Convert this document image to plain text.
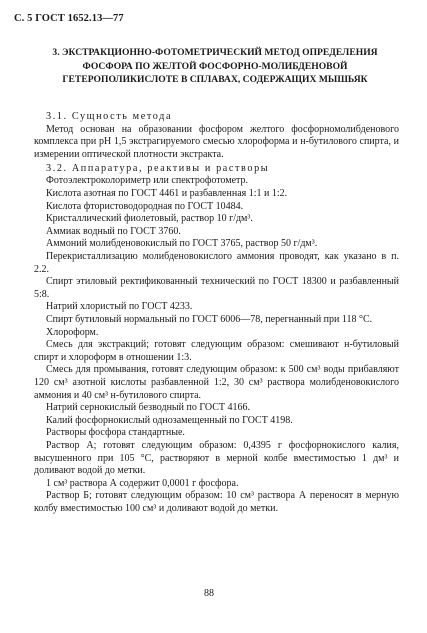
С. 5 ГОСТ 1652.13—77
3. ЭКСТРАКЦИОННО-ФОТОМЕТРИЧЕСКИЙ МЕТОД ОПРЕДЕЛЕНИЯ ФОСФОРА ПО ЖЕЛТОЙ ФОСФОРНО-МОЛИБДЕНОВОЙ ГЕТЕРОПОЛИКИСЛОТЕ В СПЛАВАХ, СОДЕРЖАЩИХ МЫШЬЯК

3.1. Сущность метода

Метод основан на образовании фосфором желтого фосфорномолибденового комплекса при рН 1,5 экстрагируемого смесью хлороформа и н-бутилового спирта, и измерении оптической плотности экстракта.

3.2. Аппаратура, реактивы и растворы

Фотоэлектроколориметр или спектрофотометр.

Кислота азотная по ГОСТ 4461 и разбавленная 1:1 и 1:2.

Кислота фтористоводородная по ГОСТ 10484.

Кристаллический фиолетовый, раствор 10 г/дм³.

Аммиак водный по ГОСТ 3760.

Аммоний молибденовокислый по ГОСТ 3765, раствор 50 г/дм³.

Перекристаллизацию молибденовокислого аммония проводят, как указано в п. 2.2.

Спирт этиловый ректификованный технический по ГОСТ 18300 и разбавленный 5:8.

Натрий хлористый по ГОСТ 4233.

Спирт бутиловый нормальный по ГОСТ 6006—78, перегнанный при 118 °С.

Хлороформ.

Смесь для экстракций; готовят следующим образом: смешивают н-бутиловый спирт и хлороформ в отношении 1:3.

Смесь для промывания, готовят следующим образом: к 500 см³ воды прибавляют 120 см³ азотной кислоты разбавленной 1:2, 30 см³ раствора молибденовокислого аммония и 40 см³ н-бутилового спирта.

Натрий сернокислый безводный по ГОСТ 4166.

Калий фосфорнокислый однозамещенный по ГОСТ 4198.

Растворы фосфора стандартные.

Раствор А; готовят следующим образом: 0,4395 г фосфорнокислого калия, высушенного при 105 °С, растворяют в мерной колбе вместимостью 1 дм³ и доливают водой до метки.

1 см³ раствора А содержит 0,0001 г фосфора.

Раствор Б; готовят следующим образом: 10 см³ раствора А переносят в мерную колбу вместимостью 100 см³ и доливают водой до метки.

88
